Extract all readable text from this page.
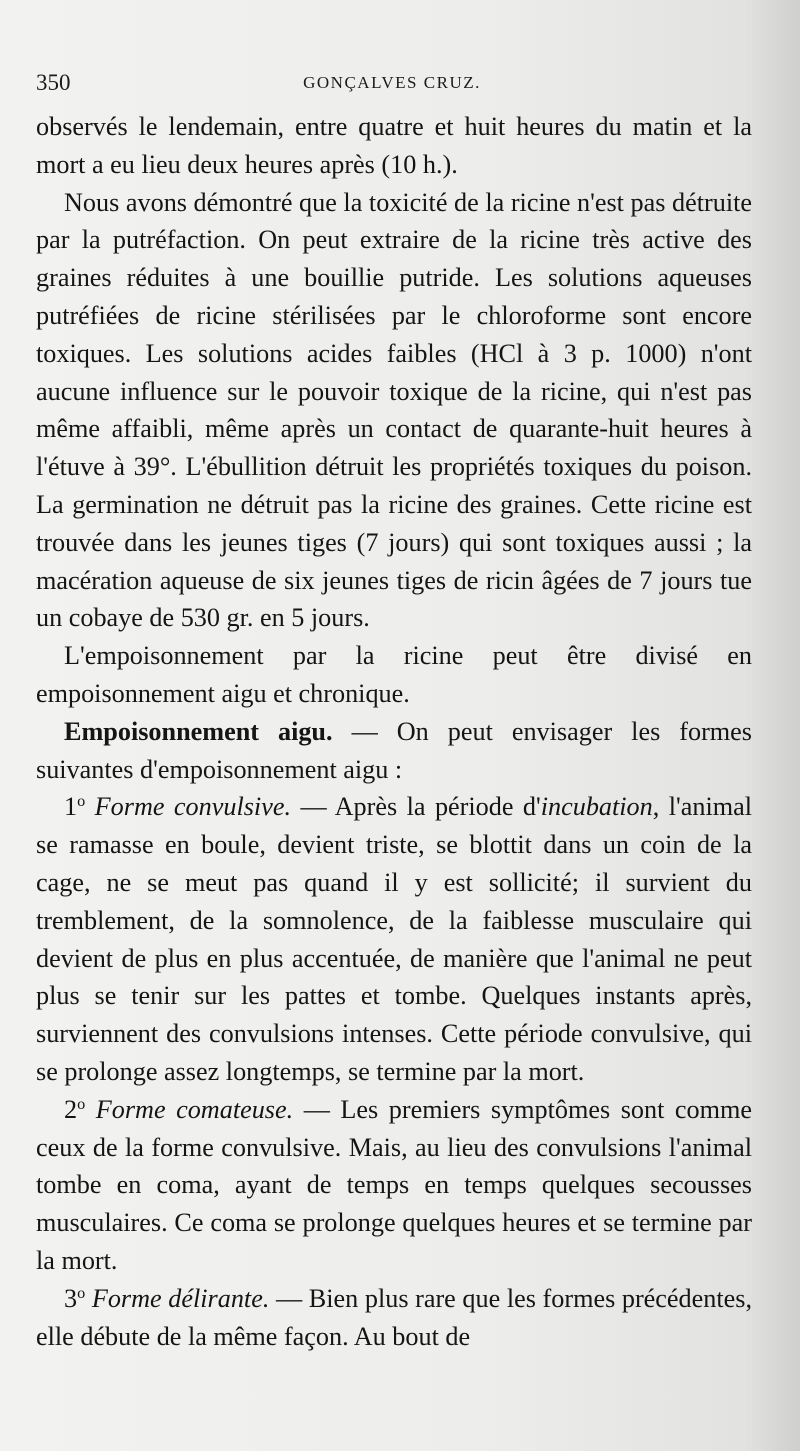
350	GONÇALVES CRUZ.

observés le lendemain, entre quatre et huit heures du matin et la mort a eu lieu deux heures après (10 h.).

Nous avons démontré que la toxicité de la ricine n'est pas détruite par la putréfaction. On peut extraire de la ricine très active des graines réduites à une bouillie putride. Les solutions aqueuses putréfiées de ricine stérilisées par le chloroforme sont encore toxiques. Les solutions acides faibles (HCl à 3 p. 1000) n'ont aucune influence sur le pouvoir toxique de la ricine, qui n'est pas même affaibli, même après un contact de quarante-huit heures à l'étuve à 39°. L'ébullition détruit les propriétés toxiques du poison. La germination ne détruit pas la ricine des graines. Cette ricine est trouvée dans les jeunes tiges (7 jours) qui sont toxiques aussi ; la macération aqueuse de six jeunes tiges de ricin âgées de 7 jours tue un cobaye de 530 gr. en 5 jours.

L'empoisonnement par la ricine peut être divisé en empoisonnement aigu et chronique.

Empoisonnement aigu. — On peut envisager les formes suivantes d'empoisonnement aigu :

1$^o$ Forme convulsive. — Après la période d'incubation, l'animal se ramasse en boule, devient triste, se blottit dans un coin de la cage, ne se meut pas quand il y est sollicité; il survient du tremblement, de la somnolence, de la faiblesse musculaire qui devient de plus en plus accentuée, de manière que l'animal ne peut plus se tenir sur les pattes et tombe. Quelques instants après, surviennent des convulsions intenses. Cette période convulsive, qui se prolonge assez longtemps, se termine par la mort.

2$^o$ Forme comateuse. — Les premiers symptômes sont comme ceux de la forme convulsive. Mais, au lieu des convulsions l'animal tombe en coma, ayant de temps en temps quelques secousses musculaires. Ce coma se prolonge quelques heures et se termine par la mort.

3$^o$ Forme délirante. — Bien plus rare que les formes précédentes, elle débute de la même façon. Au bout de
